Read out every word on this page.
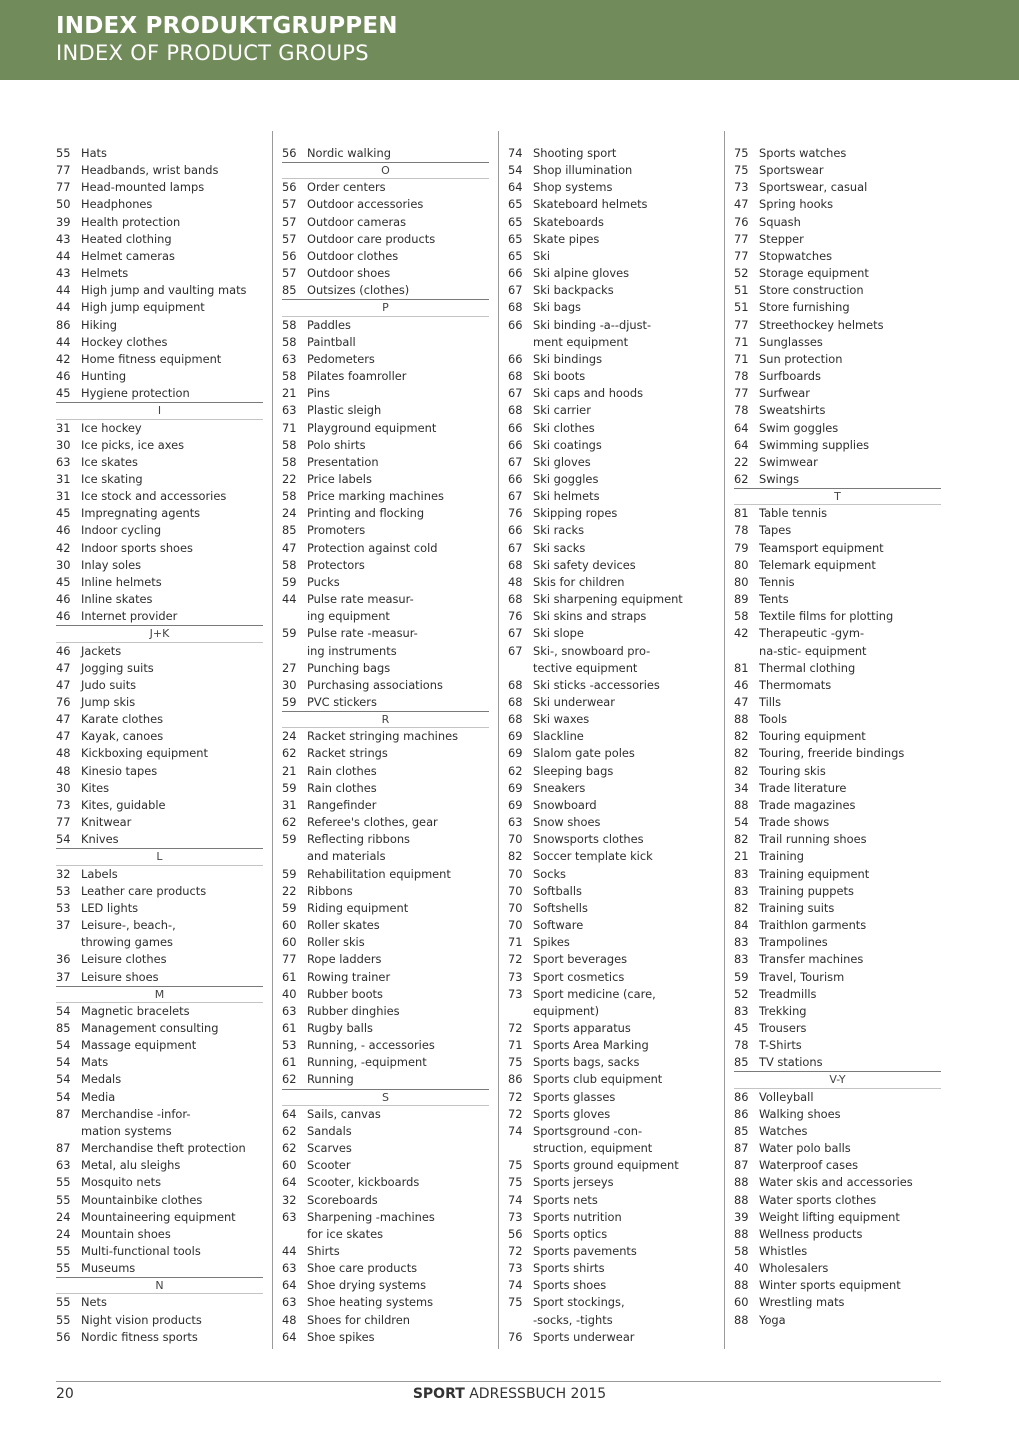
INDEX PRODUKTGRUPPEN
INDEX OF PRODUCT GROUPS
55 Hats
77 Headbands, wrist bands
77 Head-mounted lamps
50 Headphones
39 Health protection
43 Heated clothing
44 Helmet cameras
43 Helmets
44 High jump and vaulting mats
44 High jump equipment
86 Hiking
44 Hockey clothes
42 Home fitness equipment
46 Hunting
45 Hygiene protection
I
31 Ice hockey
30 Ice picks, ice axes
63 Ice skates
31 Ice skating
31 Ice stock and accessories
45 Impregnating agents
46 Indoor cycling
42 Indoor sports shoes
30 Inlay soles
45 Inline helmets
46 Inline skates
46 Internet provider
J+K
46 Jackets
47 Jogging suits
47 Judo suits
76 Jump skis
47 Karate clothes
47 Kayak, canoes
48 Kickboxing equipment
48 Kinesio tapes
30 Kites
73 Kites, guidable
77 Knitwear
54 Knives
L
32 Labels
53 Leather care products
53 LED lights
37 Leisure-, beach-,
throwing games
36 Leisure clothes
37 Leisure shoes
M
54 Magnetic bracelets
85 Management consulting
54 Massage equipment
54 Mats
54 Medals
54 Media
87 Merchandise -infor-
mation systems
87 Merchandise theft protection
63 Metal, alu sleighs
55 Mosquito nets
55 Mountainbike clothes
24 Mountaineering equipment
24 Mountain shoes
55 Multi-functional tools
55 Museums
N
55 Nets
55 Night vision products
56 Nordic fitness sports
56 Nordic walking
O
56 Order centers
57 Outdoor accessories
57 Outdoor cameras
57 Outdoor care products
56 Outdoor clothes
57 Outdoor shoes
85 Outsizes (clothes)
P
58 Paddles
58 Paintball
63 Pedometers
58 Pilates foamroller
21 Pins
63 Plastic sleigh
71 Playground equipment
58 Polo shirts
58 Presentation
22 Price labels
58 Price marking machines
24 Printing and flocking
85 Promoters
47 Protection against cold
58 Protectors
59 Pucks
44 Pulse rate measur-
ing equipment
59 Pulse rate -measur-
ing instruments
27 Punching bags
30 Purchasing associations
59 PVC stickers
R
24 Racket stringing machines
62 Racket strings
21 Rain clothes
59 Rain clothes
31 Rangefinder
62 Referee's clothes, gear
59 Reflecting ribbons
and materials
59 Rehabilitation equipment
22 Ribbons
59 Riding equipment
60 Roller skates
60 Roller skis
77 Rope ladders
61 Rowing trainer
40 Rubber boots
63 Rubber dinghies
61 Rugby balls
53 Running, - accessories
61 Running, -equipment
62 Running
S
64 Sails, canvas
62 Sandals
62 Scarves
60 Scooter
64 Scooter, kickboards
32 Scoreboards
63 Sharpening -machines
for ice skates
44 Shirts
63 Shoe care products
64 Shoe drying systems
63 Shoe heating systems
48 Shoes for children
64 Shoe spikes
74 Shooting sport
54 Shop illumination
64 Shop systems
65 Skateboard helmets
65 Skateboards
65 Skate pipes
65 Ski
66 Ski alpine gloves
67 Ski backpacks
68 Ski bags
66 Ski binding -a--djust-
ment equipment
66 Ski bindings
68 Ski boots
67 Ski caps and hoods
68 Ski carrier
66 Ski clothes
66 Ski coatings
67 Ski gloves
66 Ski goggles
67 Ski helmets
76 Skipping ropes
66 Ski racks
67 Ski sacks
68 Ski safety devices
48 Skis for children
68 Ski sharpening equipment
76 Ski skins and straps
67 Ski slope
67 Ski-, snowboard pro-
tective equipment
68 Ski sticks -accessories
68 Ski underwear
68 Ski waxes
69 Slackline
69 Slalom gate poles
62 Sleeping bags
69 Sneakers
69 Snowboard
63 Snow shoes
70 Snowsports clothes
82 Soccer template kick
70 Socks
70 Softballs
70 Softshells
70 Software
71 Spikes
72 Sport beverages
73 Sport cosmetics
73 Sport medicine (care,
equipment)
72 Sports apparatus
71 Sports Area Marking
75 Sports bags, sacks
86 Sports club equipment
72 Sports glasses
72 Sports gloves
74 Sportsground -con-
struction, equipment
75 Sports ground equipment
75 Sports jerseys
74 Sports nets
73 Sports nutrition
56 Sports optics
72 Sports pavements
73 Sports shirts
74 Sports shoes
75 Sport stockings,
-socks, -tights
76 Sports underwear
75 Sports watches
75 Sportswear
73 Sportswear, casual
47 Spring hooks
76 Squash
77 Stepper
77 Stopwatches
52 Storage equipment
51 Store construction
51 Store furnishing
77 Streethockey helmets
71 Sunglasses
71 Sun protection
78 Surfboards
77 Surfwear
78 Sweatshirts
64 Swim goggles
64 Swimming supplies
22 Swimwear
62 Swings
T
81 Table tennis
78 Tapes
79 Teamsport equipment
80 Telemark equipment
80 Tennis
89 Tents
58 Textile films for plotting
42 Therapeutic -gym-
na-stic- equipment
81 Thermal clothing
46 Thermomats
47 Tills
88 Tools
82 Touring equipment
82 Touring, freeride bindings
82 Touring skis
34 Trade literature
88 Trade magazines
54 Trade shows
82 Trail running shoes
21 Training
83 Training equipment
83 Training puppets
82 Training suits
84 Traithlon garments
83 Trampolines
83 Transfer machines
59 Travel, Tourism
52 Treadmills
83 Trekking
45 Trousers
78 T-Shirts
85 TV stations
V-Y
86 Volleyball
86 Walking shoes
85 Watches
87 Water polo balls
87 Waterproof cases
88 Water skis and accessories
88 Water sports clothes
39 Weight lifting equipment
88 Wellness products
58 Whistles
40 Wholesalers
88 Winter sports equipment
60 Wrestling mats
88 Yoga
20	SPORT ADRESSBUCH 2015
